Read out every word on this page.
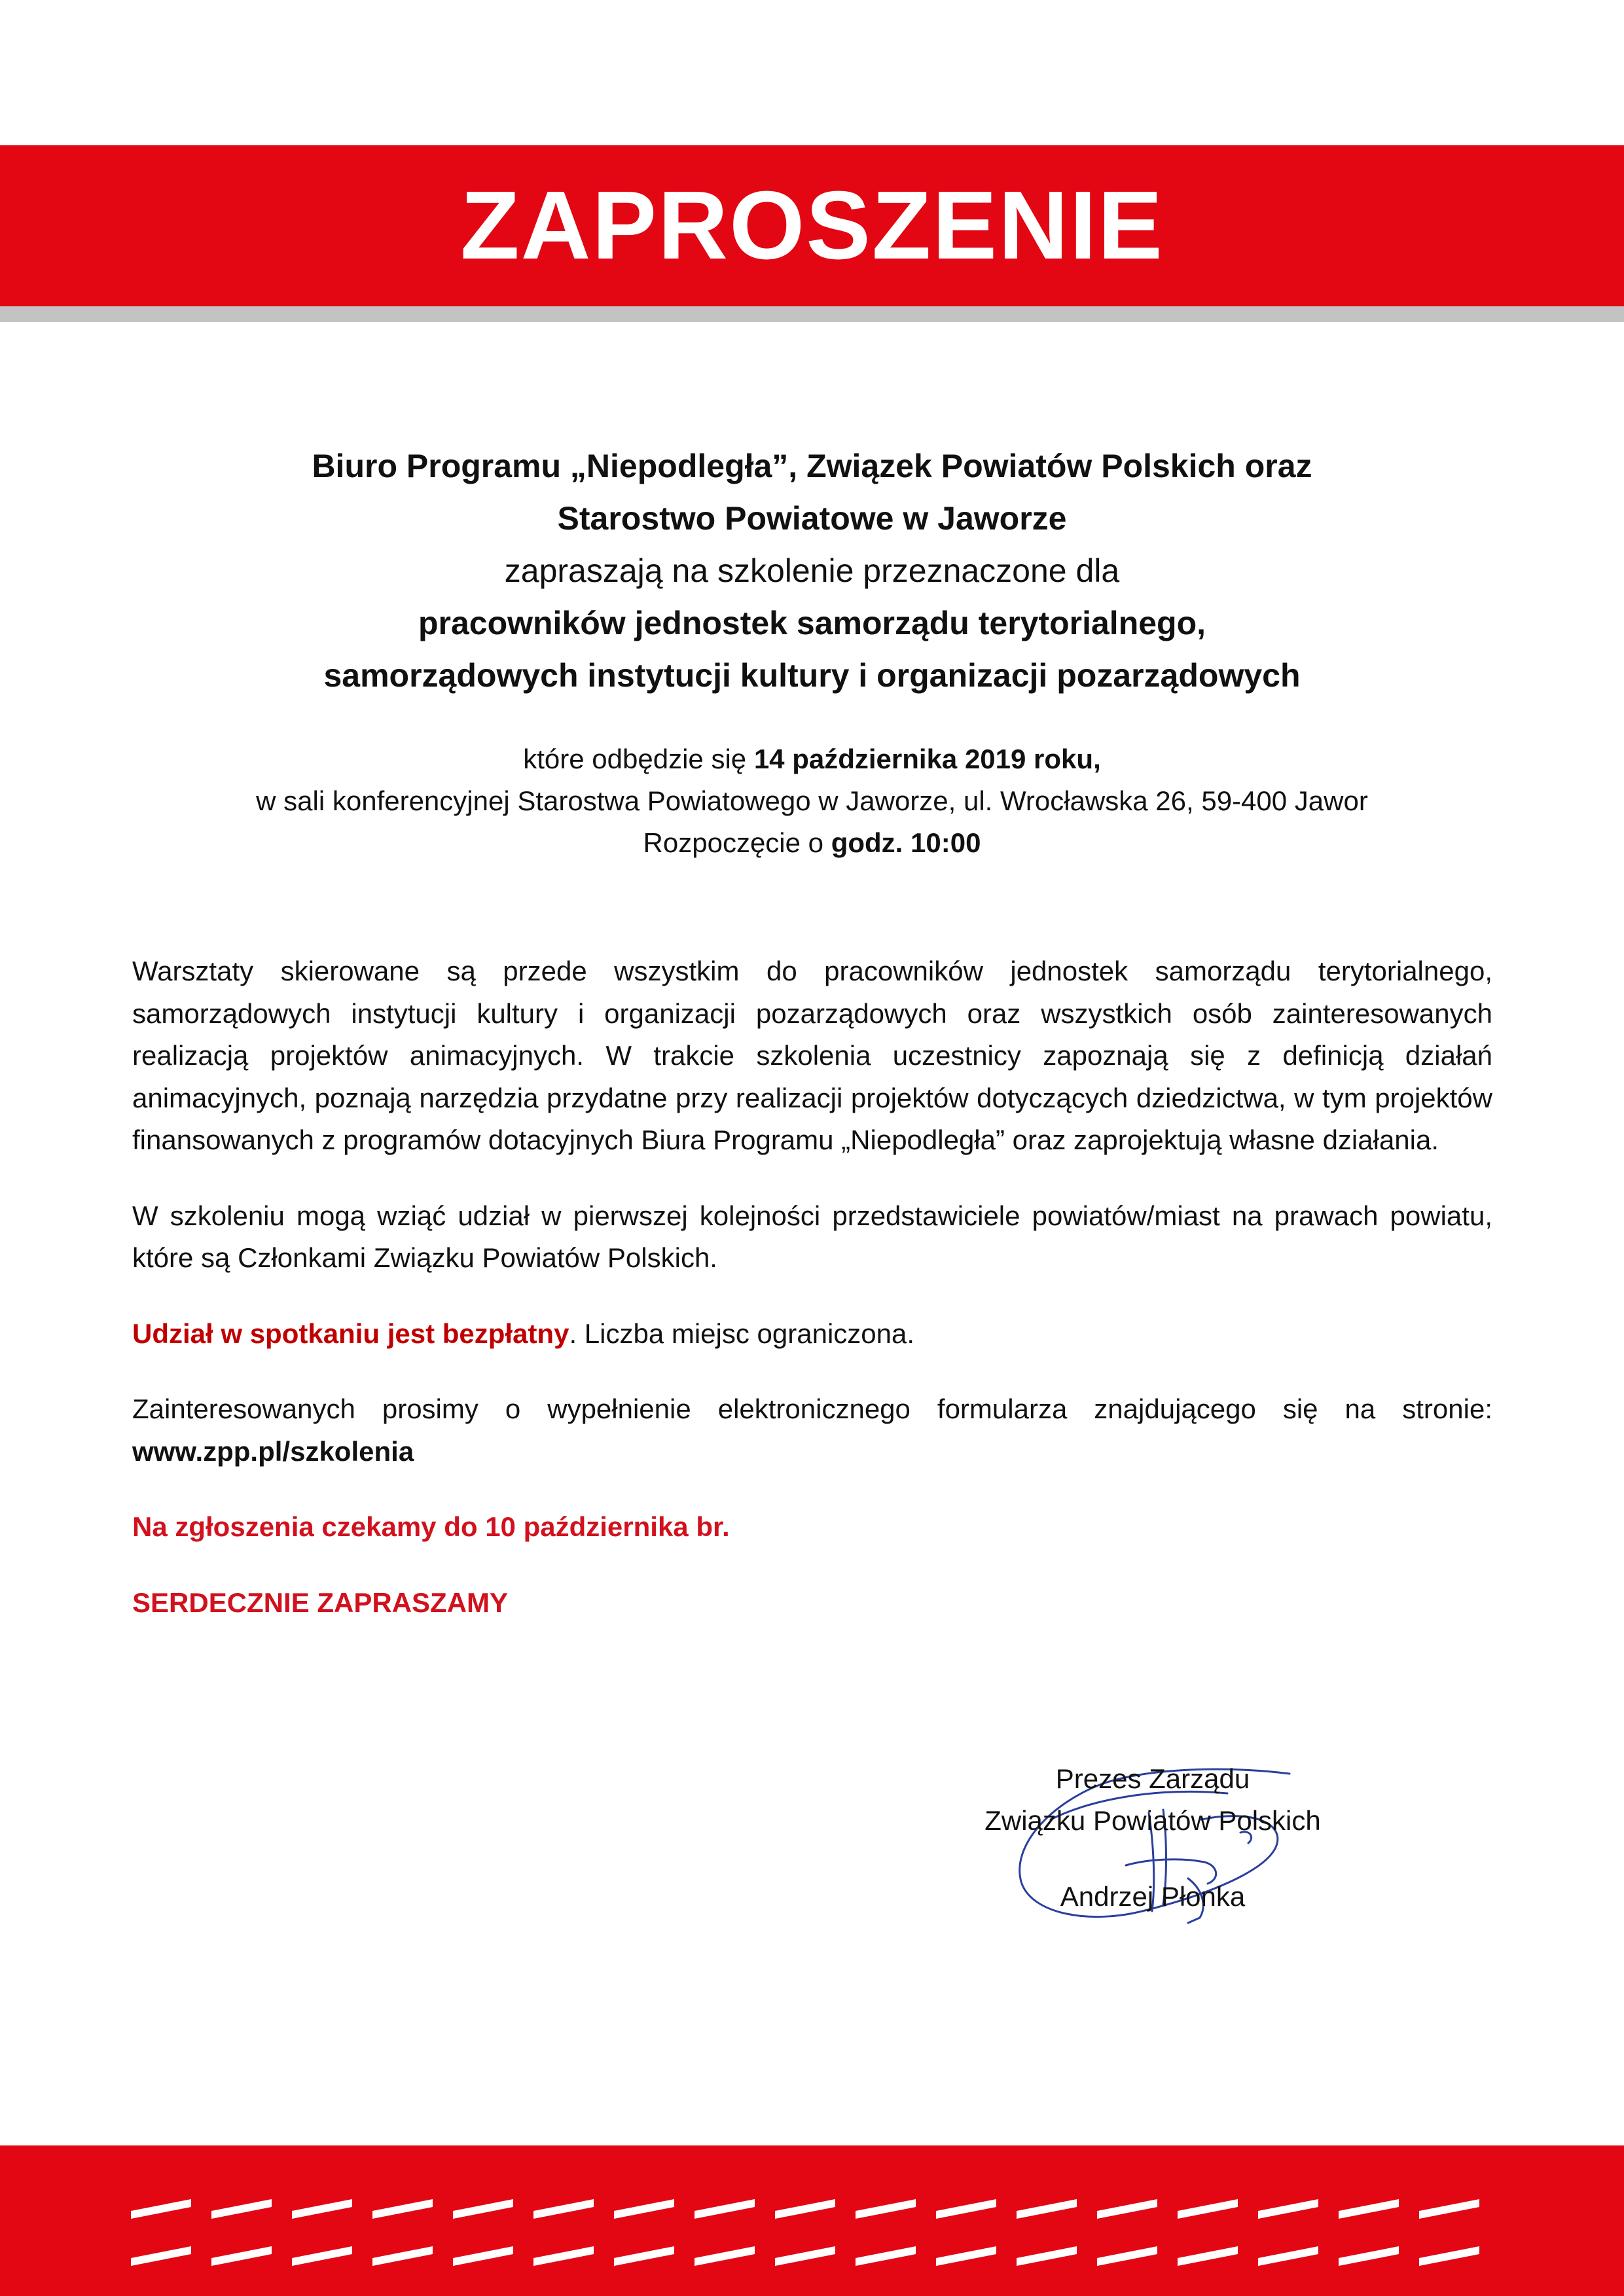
ZAPROSZENIE
Biuro Programu „Niepodległa”, Związek Powiatów Polskich oraz
Starostwo Powiatowe w Jaworze
zapraszają na szkolenie przeznaczone dla
pracowników jednostek samorządu terytorialnego,
samorządowych instytucji kultury i organizacji pozarządowych
które odbędzie się 14 października 2019 roku,
w sali konferencyjnej Starostwa Powiatowego w Jaworze, ul. Wrocławska 26, 59-400 Jawor
Rozpoczęcie o godz. 10:00

Warsztaty skierowane są przede wszystkim do pracowników jednostek samorządu terytorialnego, samorządowych instytucji kultury i organizacji pozarządowych oraz wszystkich osób zainteresowanych realizacją projektów animacyjnych. W trakcie szkolenia uczestnicy zapoznają się z definicją działań animacyjnych, poznają narzędzia przydatne przy realizacji projektów dotyczących dziedzictwa, w tym projektów finansowanych z programów dotacyjnych Biura Programu „Niepodległa” oraz zaprojektują własne działania.

W szkoleniu mogą wziąć udział w pierwszej kolejności przedstawiciele powiatów/miast na prawach powiatu, które są Członkami Związku Powiatów Polskich.

Udział w spotkaniu jest bezpłatny. Liczba miejsc ograniczona.

Zainteresowanych prosimy o wypełnienie elektronicznego formularza znajdującego się na stronie: www.zpp.pl/szkolenia

Na zgłoszenia czekamy do 10 października br.

SERDECZNIE ZAPRASZAMY

Prezes Zarządu
Związku Powiatów Polskich
Andrzej Płonka
